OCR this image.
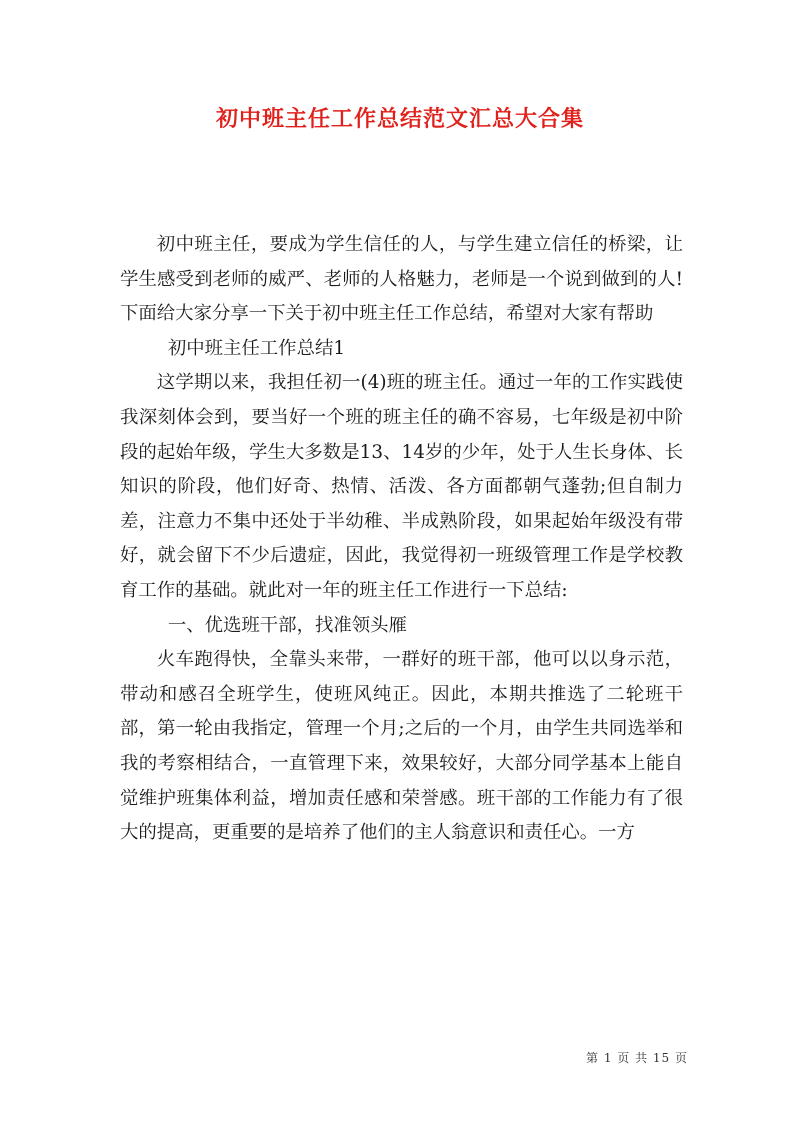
初中班主任工作总结范文汇总大合集

初中班主任，要成为学生信任的人，与学生建立信任的桥梁，让学生感受到老师的威严、老师的人格魅力，老师是一个说到做到的人!下面给大家分享一下关于初中班主任工作总结，希望对大家有帮助

初中班主任工作总结1

这学期以来，我担任初一(4)班的班主任。通过一年的工作实践使我深刻体会到，要当好一个班的班主任的确不容易，七年级是初中阶段的起始年级，学生大多数是13、14岁的少年，处于人生长身体、长知识的阶段，他们好奇、热情、活泼、各方面都朝气蓬勃;但自制力差，注意力不集中还处于半幼稚、半成熟阶段，如果起始年级没有带好，就会留下不少后遗症，因此，我觉得初一班级管理工作是学校教育工作的基础。就此对一年的班主任工作进行一下总结:

一、优选班干部，找准领头雁

火车跑得快，全靠头来带，一群好的班干部，他可以以身示范，带动和感召全班学生，使班风纯正。因此，本期共推选了二轮班干部，第一轮由我指定，管理一个月;之后的一个月，由学生共同选举和我的考察相结合，一直管理下来，效果较好，大部分同学基本上能自觉维护班集体利益，增加责任感和荣誉感。班干部的工作能力有了很大的提高，更重要的是培养了他们的主人翁意识和责任心。一方

第 1 页 共 15 页
